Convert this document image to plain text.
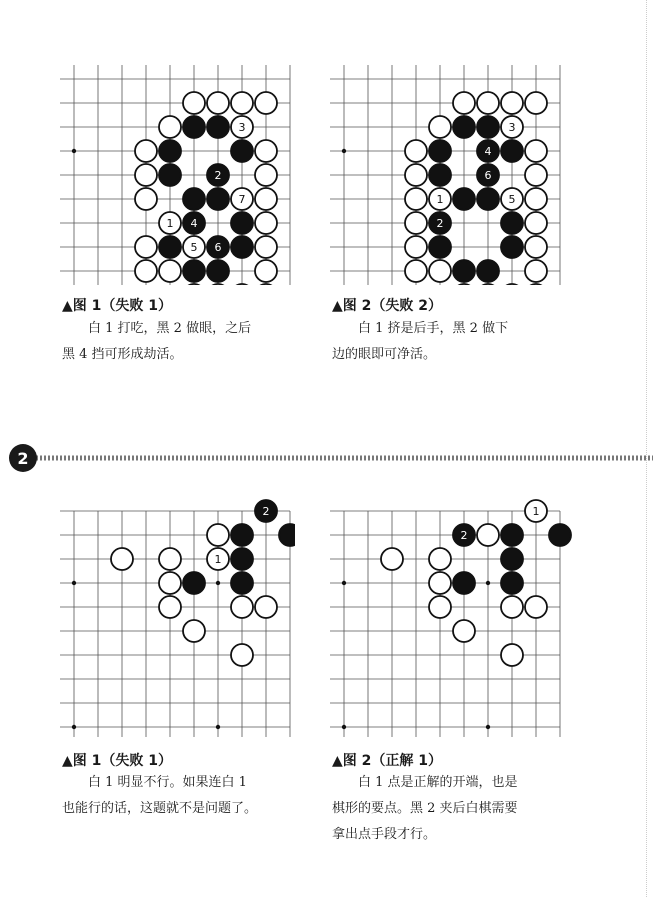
3
2
7
1 4
5 6
▲图 1（失败 1）

白 1 打吃，黑 2 做眼，之后

黑 4 挡可形成劫活。

3
4
6
1	5
2
▲图 2（失败 2）

白 1 挤是后手，黑 2 做下

边的眼即可净活。

2
2
1
▲图 1（失败 1）

白 1 明显不行。如果连白 1

也能行的话，这题就不是问题了。

1
2
▲图 2（正解 1）

白 1 点是正解的开端，也是

棋形的要点。黑 2 夹后白棋需要

拿出点手段才行。
